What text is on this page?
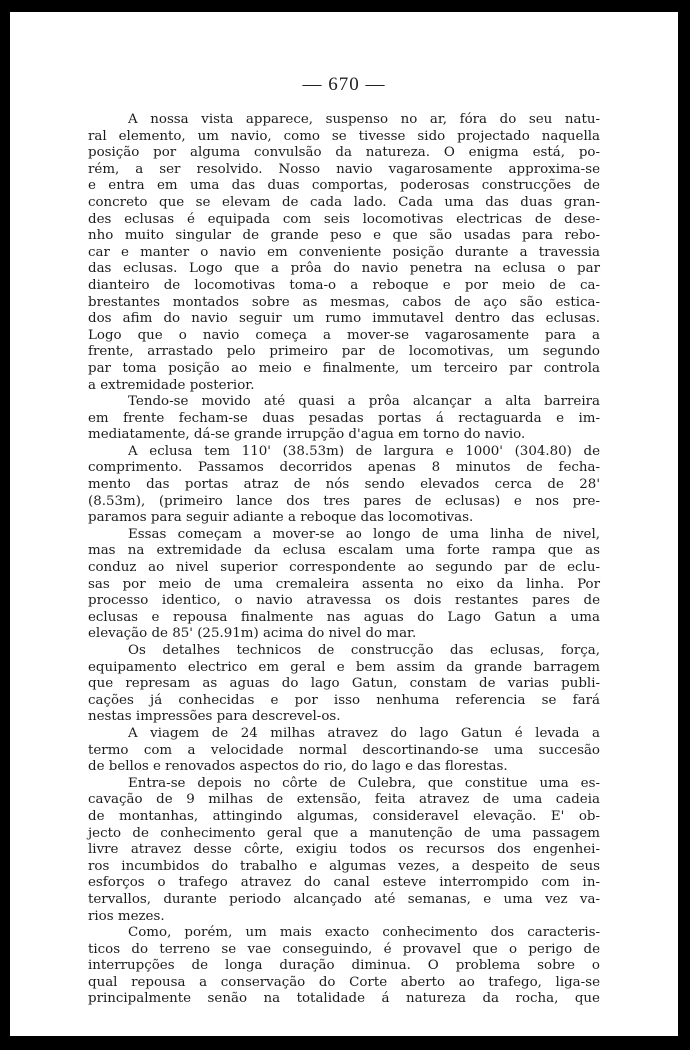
— 670 —
A nossa vista apparece, suspenso no ar, fóra do seu natu-
ral elemento, um navio, como se tivesse sido projectado naquella
posição por alguma convulsão da natureza. O enigma está, po-
rém, a ser resolvido. Nosso navio vagarosamente approxima-se
e entra em uma das duas comportas, poderosas construcções de
concreto que se elevam de cada lado. Cada uma das duas gran-
des eclusas é equipada com seis locomotivas electricas de dese-
nho muito singular de grande peso e que são usadas para rebo-
car e manter o navio em conveniente posição durante a travessia
das eclusas. Logo que a prôa do navio penetra na eclusa o par
dianteiro de locomotivas toma-o a reboque e por meio de ca-
brestantes montados sobre as mesmas, cabos de aço são estica-
dos afim do navio seguir um rumo immutavel dentro das eclusas.
Logo que o navio começa a mover-se vagarosamente para a
frente, arrastado pelo primeiro par de locomotivas, um segundo
par toma posição ao meio e finalmente, um terceiro par controla
a extremidade posterior.
Tendo-se movido até quasi a prôa alcançar a alta barreira
em frente fecham-se duas pesadas portas á rectaguarda e im-
mediatamente, dá-se grande irrupção d'agua em torno do navio.
A eclusa tem 110' (38.53m) de largura e 1000' (304.80) de
comprimento. Passamos decorridos apenas 8 minutos de fecha-
mento das portas atraz de nós sendo elevados cerca de 28'
(8.53m), (primeiro lance dos tres pares de eclusas) e nos pre-
paramos para seguir adiante a reboque das locomotivas.
Essas começam a mover-se ao longo de uma linha de nivel,
mas na extremidade da eclusa escalam uma forte rampa que as
conduz ao nivel superior correspondente ao segundo par de eclu-
sas por meio de uma cremaleira assenta no eixo da linha. Por
processo identico, o navio atravessa os dois restantes pares de
eclusas e repousa finalmente nas aguas do Lago Gatun a uma
elevação de 85' (25.91m) acima do nivel do mar.
Os detalhes technicos de construcção das eclusas, força,
equipamento electrico em geral e bem assim da grande barragem
que represam as aguas do lago Gatun, constam de varias publi-
cações já conhecidas e por isso nenhuma referencia se fará
nestas impressões para descrevel-os.
A viagem de 24 milhas atravez do lago Gatun é levada a
termo com a velocidade normal descortinando-se uma succesão
de bellos e renovados aspectos do rio, do lago e das florestas.
Entra-se depois no côrte de Culebra, que constitue uma es-
cavação de 9 milhas de extensão, feita atravez de uma cadeia
de montanhas, attingindo algumas, consideravel elevação. E' ob-
jecto de conhecimento geral que a manutenção de uma passagem
livre atravez desse côrte, exigiu todos os recursos dos engenhei-
ros incumbidos do trabalho e algumas vezes, a despeito de seus
esforços o trafego atravez do canal esteve interrompido com in-
tervallos, durante periodo alcançado até semanas, e uma vez va-
rios mezes.
Como, porém, um mais exacto conhecimento dos caracteris-
ticos do terreno se vae conseguindo, é provavel que o perigo de
interrupções de longa duração diminua. O problema sobre o
qual repousa a conservação do Corte aberto ao trafego, liga-se
principalmente senão na totalidade á natureza da rocha, que
